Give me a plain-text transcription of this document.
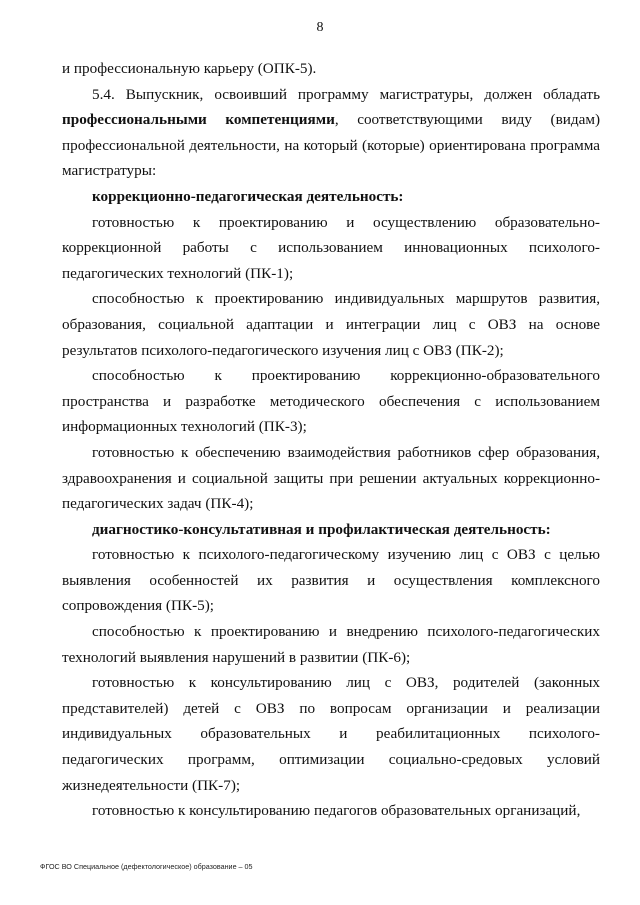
8

и профессиональную карьеру (ОПК-5).

5.4. Выпускник, освоивший программу магистратуры, должен обладать профессиональными компетенциями, соответствующими виду (видам) профессиональной деятельности, на который (которые) ориентирована программа магистратуры:

коррекционно-педагогическая деятельность:

готовностью к проектированию и осуществлению образовательно-коррекционной работы с использованием инновационных психолого-педагогических технологий (ПК-1);

способностью к проектированию индивидуальных маршрутов развития, образования, социальной адаптации и интеграции лиц с ОВЗ на основе результатов психолого-педагогического изучения лиц с ОВЗ (ПК-2);

способностью к проектированию коррекционно-образовательного пространства и разработке методического обеспечения с использованием информационных технологий (ПК-3);

готовностью к обеспечению взаимодействия работников сфер образования, здравоохранения и социальной защиты при решении актуальных коррекционно-педагогических задач (ПК-4);

диагностико-консультативная и профилактическая деятельность:

готовностью к психолого-педагогическому изучению лиц с ОВЗ с целью выявления особенностей их развития и осуществления комплексного сопровождения (ПК-5);

способностью к проектированию и внедрению психолого-педагогических технологий выявления нарушений в развитии (ПК-6);

готовностью к консультированию лиц с ОВЗ, родителей (законных представителей) детей с ОВЗ по вопросам организации и реализации индивидуальных образовательных и реабилитационных психолого-педагогических программ, оптимизации социально-средовых условий жизнедеятельности (ПК-7);

готовностью к консультированию педагогов образовательных организаций,

ФГОС ВО Специальное (дефектологическое) образование – 05
